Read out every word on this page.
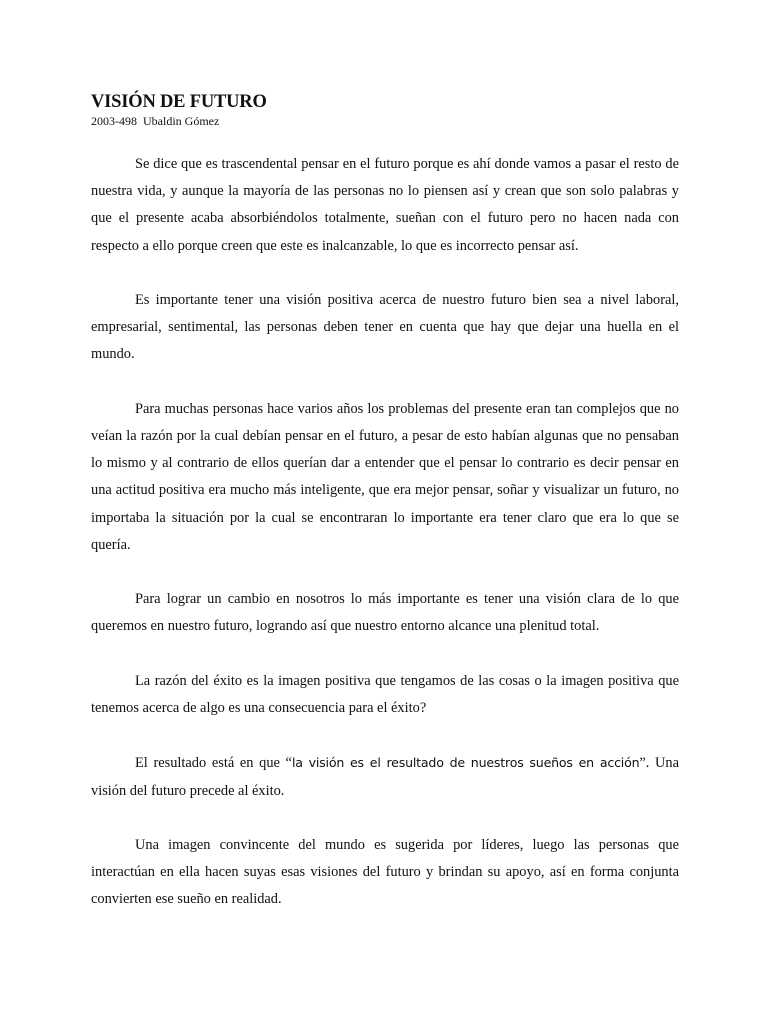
VISIÓN DE FUTURO
2003-498 Ubaldin Gómez

Se dice que es trascendental pensar en el futuro porque es ahí donde vamos a pasar el resto de nuestra vida, y aunque la mayoría de las personas no lo piensen así y crean que son solo palabras y que el presente acaba absorbiéndolos totalmente, sueñan con el futuro pero no hacen nada con respecto a ello porque creen que este es inalcanzable, lo que es incorrecto pensar así.

Es importante tener una visión positiva acerca de nuestro futuro bien sea a nivel laboral, empresarial, sentimental, las personas deben tener en cuenta que hay que dejar una huella en el mundo.

Para muchas personas hace varios años los problemas del presente eran tan complejos que no veían la razón por la cual debían pensar en el futuro, a pesar de esto habían algunas que no pensaban lo mismo y al contrario de ellos querían dar a entender que el pensar lo contrario es decir pensar en una actitud positiva era mucho más inteligente, que era mejor pensar, soñar y visualizar un futuro, no importaba la situación por la cual se encontraran lo importante era tener claro que era lo que se quería.

Para lograr un cambio en nosotros lo más importante es tener una visión clara de lo que queremos en nuestro futuro, logrando así que nuestro entorno alcance una plenitud total.

La razón del éxito es la imagen positiva que tengamos de las cosas o la imagen positiva que tenemos acerca de algo es una consecuencia para el éxito?

El resultado está en que “la visión es el resultado de nuestros sueños en acción”. Una visión del futuro precede al éxito.

Una imagen convincente del mundo es sugerida por líderes, luego las personas que interactúan en ella hacen suyas esas visiones del futuro y brindan su apoyo, así en forma conjunta convierten ese sueño en realidad.
